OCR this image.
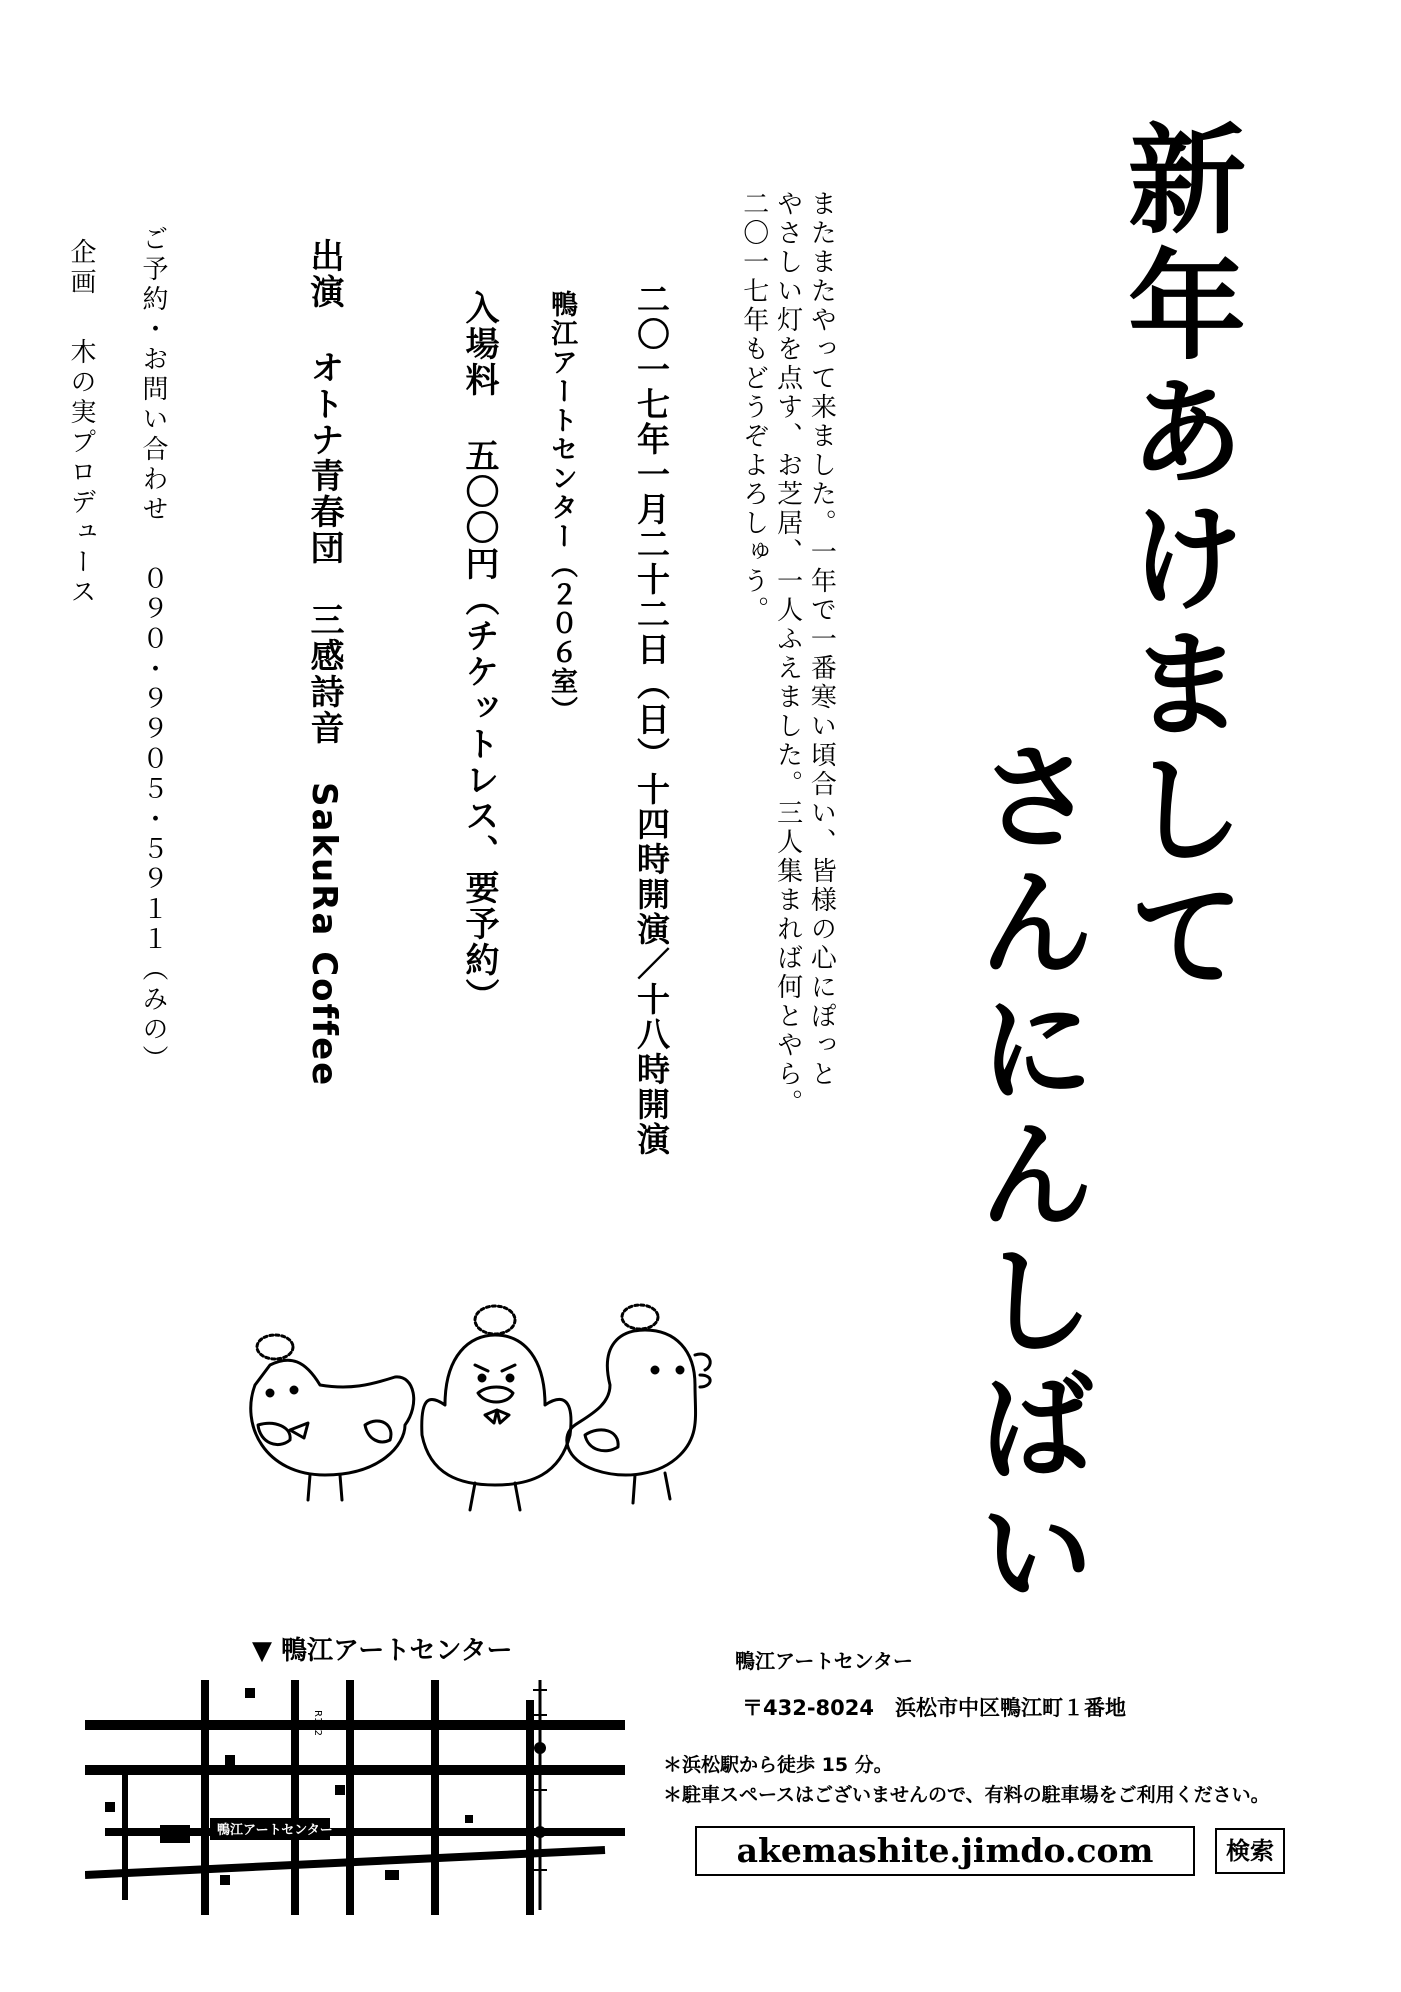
新年あけまして
さんにんしばい
またまたやって来ました。一年で一番寒い頃合い、皆様の心にぽっと
やさしい灯を点す、お芝居、一人ふえました。三人集まれば何とやら。
二〇一七年もどうぞよろしゅう。
二〇一七年一月二十二日（日）十四時開演／十八時開演
鴨江アートセンター（２０６室）
入場料五〇〇円（チケットレス、要予約）
出演オトナ青春団　三感詩音　SakuRa Coffee
ご予約・お問い合わせ０９０・９９０５・５９１１（みの）
企画木の実プロデュース
▼ 鴨江アートセンター
鴨江アートセンター
R152
鴨江アートセンター
〒432-8024　浜松市中区鴨江町１番地
＊浜松駅から徒歩 15 分。
＊駐車スペースはございませんので、有料の駐車場をご利用ください。
akemashite.jimdo.com	検索
